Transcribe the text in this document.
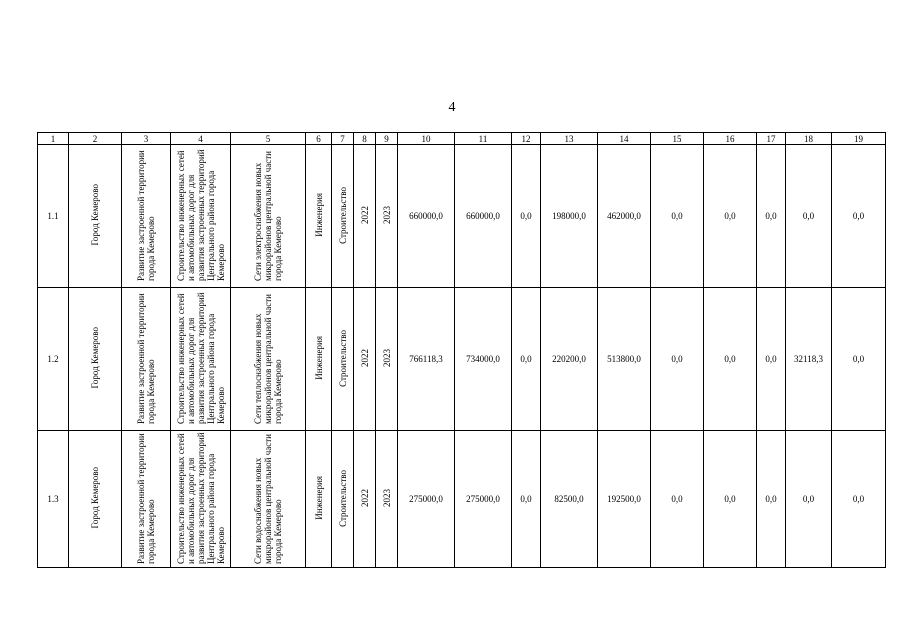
4
1	2	3	4	5	6	7	8	9	10	11	12	13	14	15	16	17	18	19
1.1	Город Кемерово	Развитие застроенной территории города Кемерово	Строительство инженерных сетей и автомобильных дорог для развития застроенных территорий Центрального района города Кемерово	Сети электроснабжения новых микрорайонов центральной части города Кемерово	Инженерия	Строительство	2022	2023	660000,0	660000,0	0,0	198000,0	462000,0	0,0	0,0	0,0	0,0	0,0
1.2	Город Кемерово	Развитие застроенной территории города Кемерово	Строительство инженерных сетей и автомобильных дорог для развития застроенных территорий Центрального района города Кемерово	Сети теплоснабжения новых микрорайонов центральной части города Кемерово	Инженерия	Строительство	2022	2023	766118,3	734000,0	0,0	220200,0	513800,0	0,0	0,0	0,0	32118,3	0,0
1.3	Город Кемерово	Развитие застроенной территории города Кемерово	Строительство инженерных сетей и автомобильных дорог для развития застроенных территорий Центрального района города Кемерово	Сети водоснабжения новых микрорайонов центральной части города Кемерово	Инженерия	Строительство	2022	2023	275000,0	275000,0	0,0	82500,0	192500,0	0,0	0,0	0,0	0,0	0,0
